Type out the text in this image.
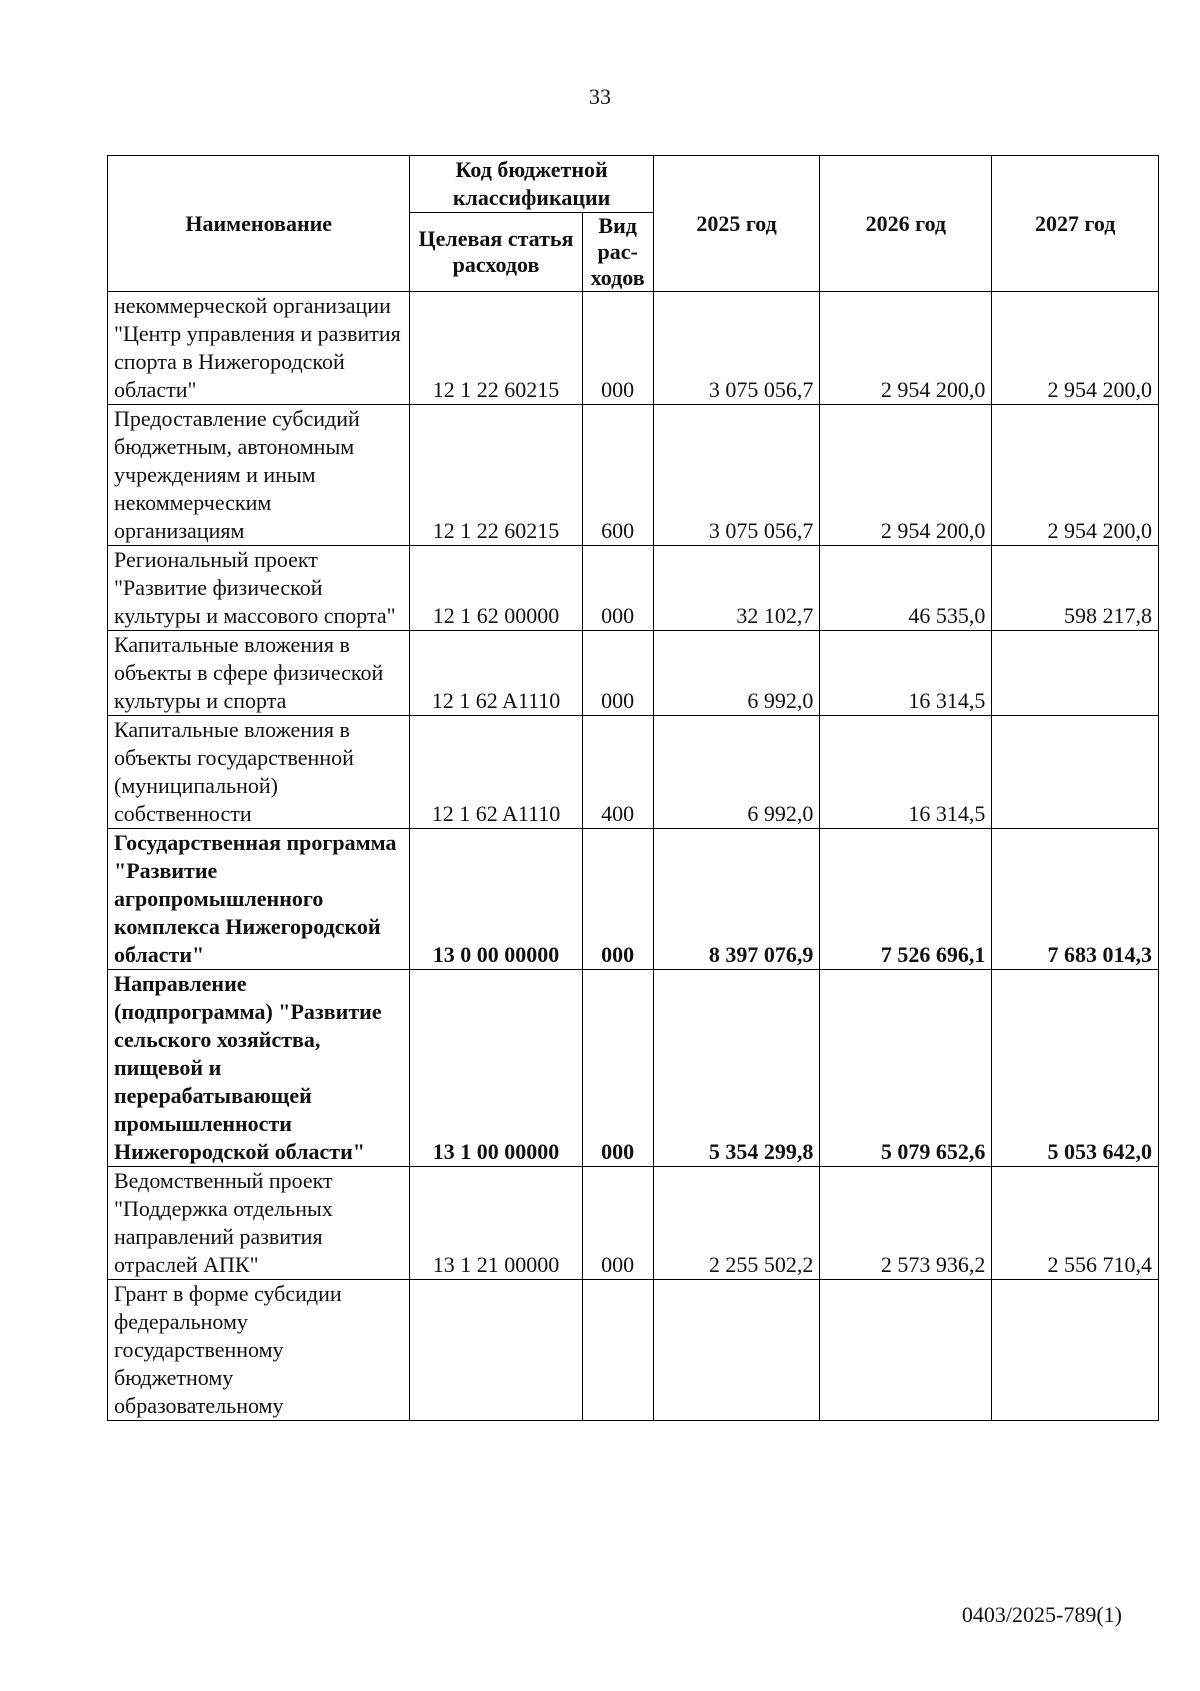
33
Наименование	Код бюджетной классификации		2025 год	2026 год	2027 год
	Целевая статья расходов	Вид рас-ходов			
некоммерческой организации "Центр управления и развития спорта в Нижегородской области"	12 1 22 60215	000	3 075 056,7	2 954 200,0	2 954 200,0
Предоставление субсидий бюджетным, автономным учреждениям и иным некоммерческим организациям	12 1 22 60215	600	3 075 056,7	2 954 200,0	2 954 200,0
Региональный проект "Развитие физической культуры и массового спорта"	12 1 62 00000	000	32 102,7	46 535,0	598 217,8
Капитальные вложения в объекты в сфере физической культуры и спорта	12 1 62 A1110	000	6 992,0	16 314,5	
Капитальные вложения в объекты государственной (муниципальной) собственности	12 1 62 A1110	400	6 992,0	16 314,5	
Государственная программа "Развитие агропромышленного комплекса Нижегородской области"	13 0 00 00000	000	8 397 076,9	7 526 696,1	7 683 014,3
Направление (подпрограмма) "Развитие сельского хозяйства, пищевой и перерабатывающей промышленности Нижегородской области"	13 1 00 00000	000	5 354 299,8	5 079 652,6	5 053 642,0
Ведомственный проект "Поддержка отдельных направлений развития отраслей АПК"	13 1 21 00000	000	2 255 502,2	2 573 936,2	2 556 710,4
Грант в форме субсидии федеральному государственному бюджетному образовательному					
0403/2025-789(1)
